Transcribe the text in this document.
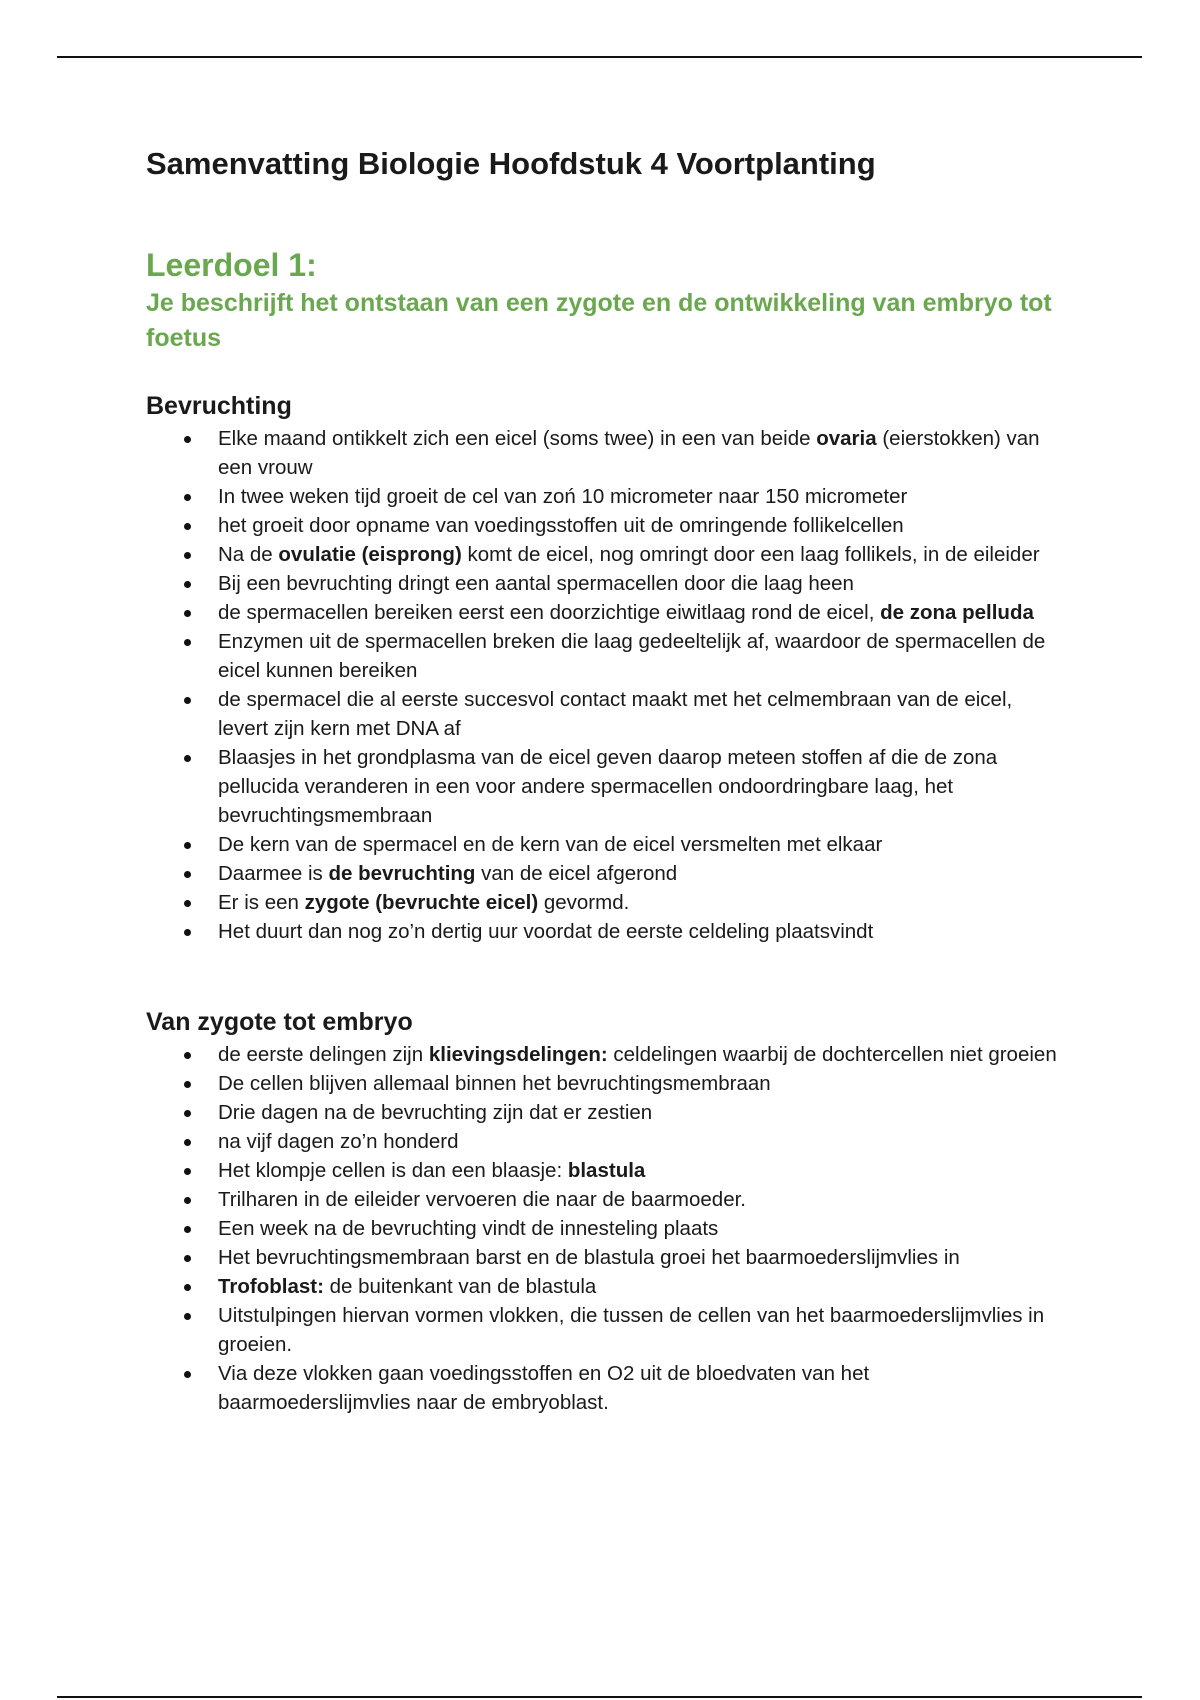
Samenvatting Biologie Hoofdstuk 4 Voortplanting
Leerdoel 1:

Je beschrijft het ontstaan van een zygote en de ontwikkeling van embryo tot foetus

Bevruchting
Elke maand ontikkelt zich een eicel (soms twee) in een van beide ovaria (eierstokken) van een vrouw
In twee weken tijd groeit de cel van zoń 10 micrometer naar 150 micrometer
het groeit door opname van voedingsstoffen uit de omringende follikelcellen
Na de ovulatie (eisprong) komt de eicel, nog omringt door een laag follikels, in de eileider
Bij een bevruchting dringt een aantal spermacellen door die laag heen
de spermacellen bereiken eerst een doorzichtige eiwitlaag rond de eicel, de zona pelluda
Enzymen uit de spermacellen breken die laag gedeeltelijk af, waardoor de spermacellen de eicel kunnen bereiken
de spermacel die al eerste succesvol contact maakt met het celmembraan van de eicel, levert zijn kern met DNA af
Blaasjes in het grondplasma van de eicel geven daarop meteen stoffen af die de zona pellucida veranderen in een voor andere spermacellen ondoordringbare laag, het bevruchtingsmembraan
De kern van de spermacel en de kern van de eicel versmelten met elkaar
Daarmee is de bevruchting van de eicel afgerond
Er is een zygote (bevruchte eicel) gevormd.
Het duurt dan nog zo’n dertig uur voordat de eerste celdeling plaatsvindt
Van zygote tot embryo
de eerste delingen zijn klievingsdelingen: celdelingen waarbij de dochtercellen niet groeien
De cellen blijven allemaal binnen het bevruchtingsmembraan
Drie dagen na de bevruchting zijn dat er zestien
na vijf dagen zo’n honderd
Het klompje cellen is dan een blaasje: blastula
Trilharen in de eileider vervoeren die naar de baarmoeder.
Een week na de bevruchting vindt de innesteling plaats
Het bevruchtingsmembraan barst en de blastula groei het baarmoederslijmvlies in
Trofoblast: de buitenkant van de blastula
Uitstulpingen hiervan vormen vlokken, die tussen de cellen van het baarmoederslijmvlies in groeien.
Via deze vlokken gaan voedingsstoffen en O2 uit de bloedvaten van het baarmoederslijmvlies naar de embryoblast.
